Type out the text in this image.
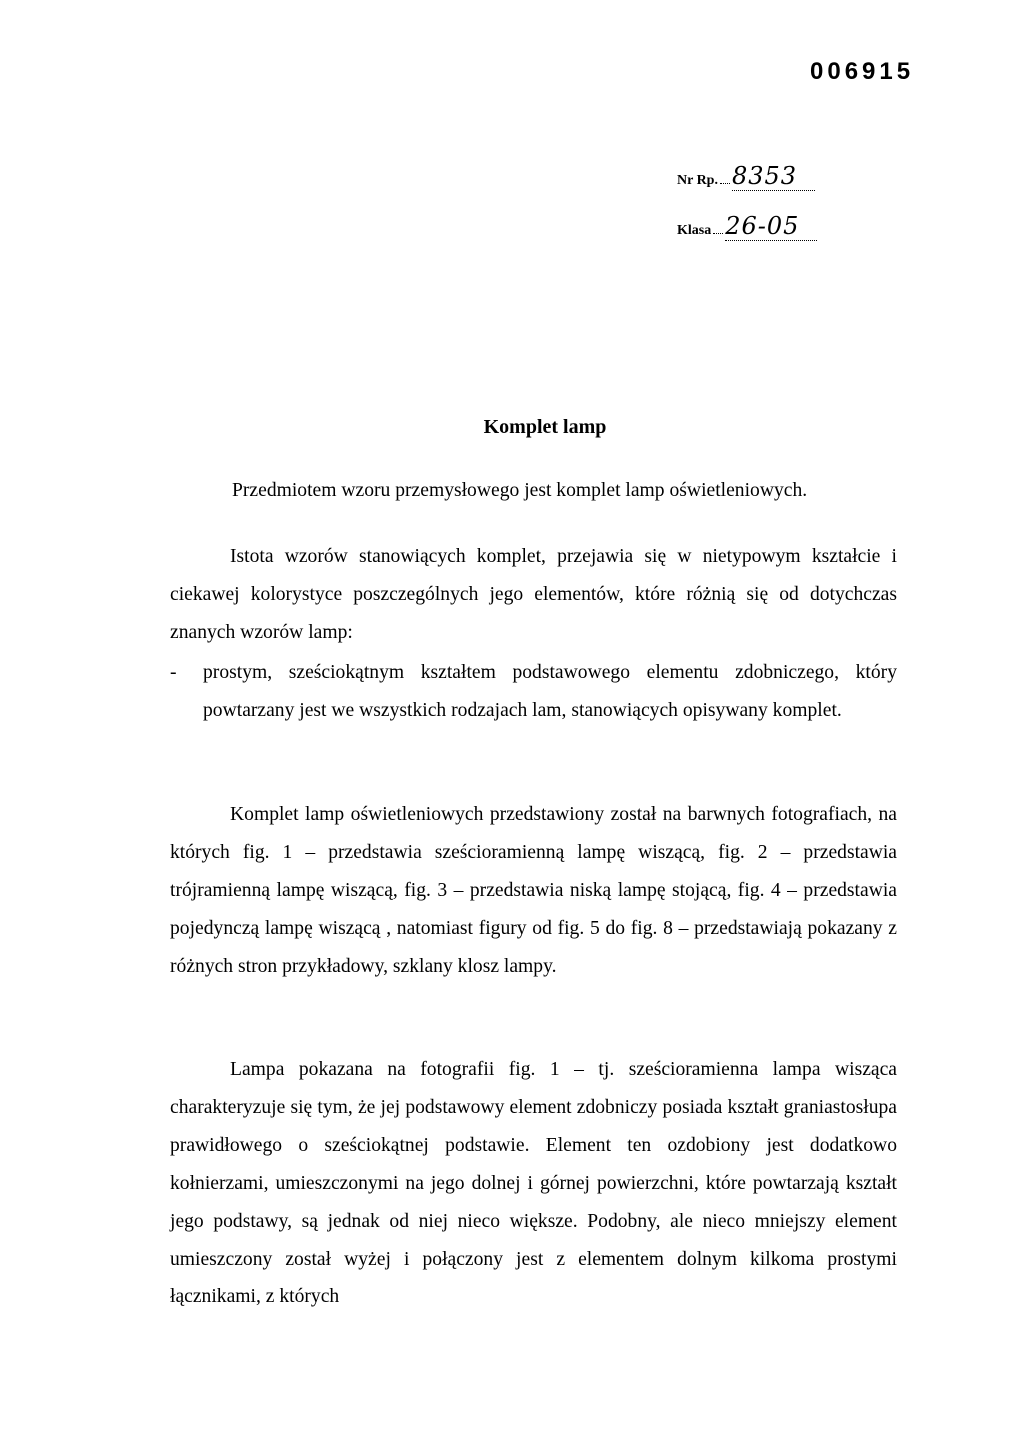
006915
Nr Rp. 8353
Klasa 26-05
Komplet lamp
Przedmiotem wzoru przemysłowego jest komplet lamp oświetleniowych.
Istota wzorów stanowiących komplet, przejawia się w nietypowym kształcie i ciekawej kolorystyce poszczególnych jego elementów, które różnią się od dotychczas znanych wzorów lamp:
- prostym, sześciokątnym kształtem podstawowego elementu zdobniczego, który powtarzany jest we wszystkich rodzajach lam, stanowiących opisywany komplet.
Komplet lamp oświetleniowych przedstawiony został na barwnych fotografiach, na których fig. 1 – przedstawia sześcioramienną lampę wiszącą, fig. 2 – przedstawia trójramienną lampę wiszącą, fig. 3 – przedstawia niską lampę stojącą, fig. 4 – przedstawia pojedynczą lampę wiszącą , natomiast figury od fig. 5 do fig. 8 – przedstawiają pokazany z różnych stron przykładowy, szklany klosz lampy.
Lampa pokazana na fotografii fig. 1 – tj. sześcioramienna lampa wisząca charakteryzuje się tym, że jej podstawowy element zdobniczy posiada kształt graniastosłupa prawidłowego o sześciokątnej podstawie. Element ten ozdobiony jest dodatkowo kołnierzami, umieszczonymi na jego dolnej i górnej powierzchni, które powtarzają kształt jego podstawy, są jednak od niej nieco większe. Podobny, ale nieco mniejszy element umieszczony został wyżej i połączony jest z elementem dolnym kilkoma prostymi łącznikami, z których
